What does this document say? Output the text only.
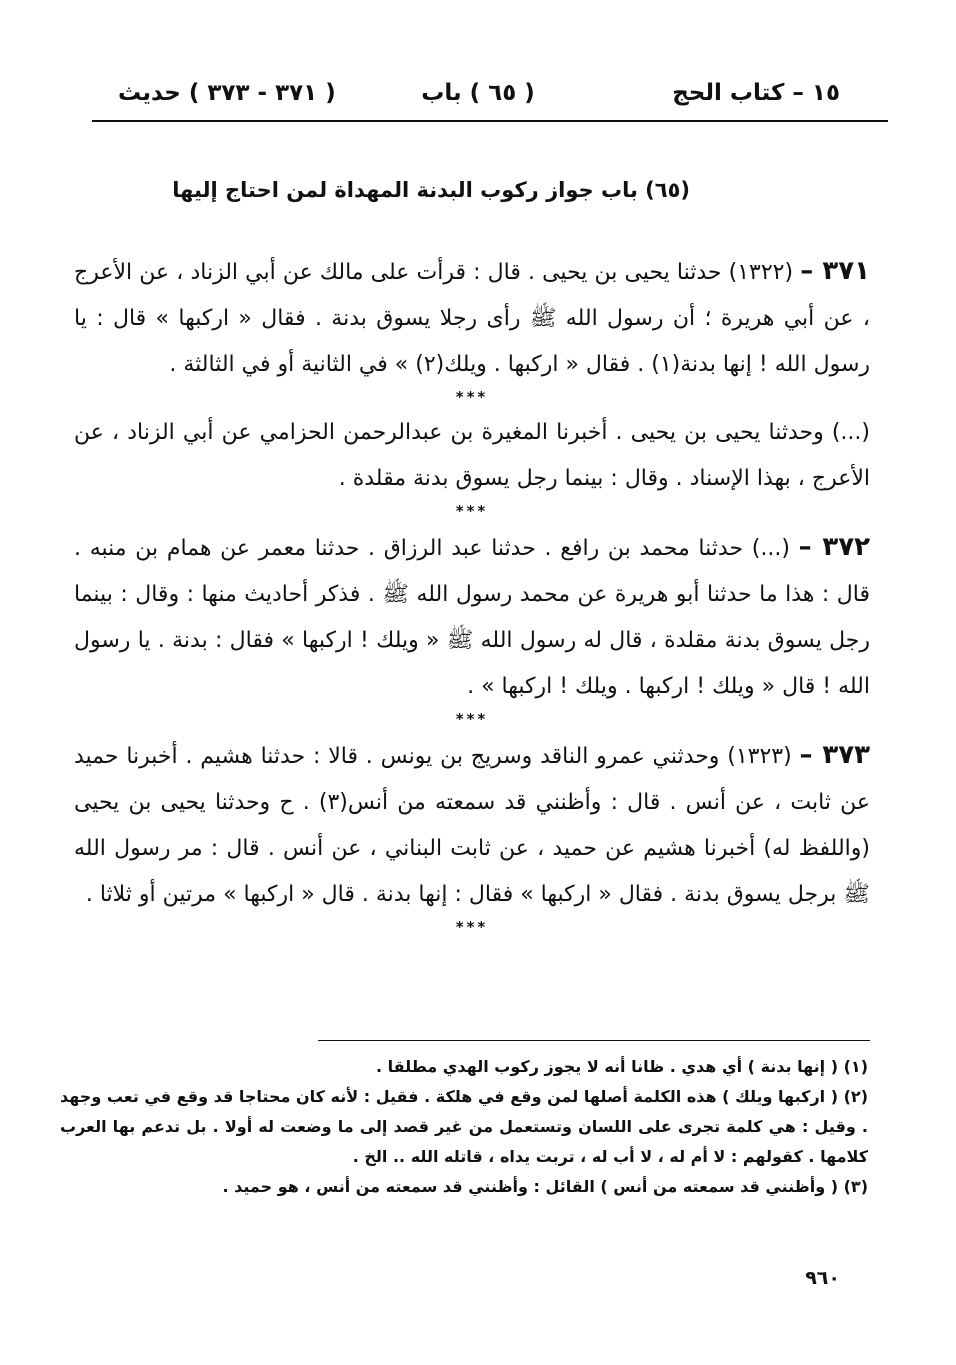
١٥ – كتاب الحج
( ٦٥ ) باب
( ٣٧١ - ٣٧٣ ) حديث
(٦٥) باب جواز ركوب البدنة المهداة لمن احتاج إليها

٣٧١ – (١٣٢٢) حدثنا يحيى بن يحيى . قال : قرأت على مالك عن أبي الزناد ، عن الأعرج ، عن أبي هريرة ؛ أن رسول الله ﷺ رأى رجلا يسوق بدنة . فقال « اركبها » قال : يا رسول الله ! إنها بدنة(١) . فقال « اركبها . ويلك(٢) » في الثانية أو في الثالثة .

***

(...) وحدثنا يحيى بن يحيى . أخبرنا المغيرة بن عبدالرحمن الحزامي عن أبي الزناد ، عن الأعرج ، بهذا الإسناد . وقال : بينما رجل يسوق بدنة مقلدة .

***

٣٧٢ – (...) حدثنا محمد بن رافع . حدثنا عبد الرزاق . حدثنا معمر عن همام بن منبه . قال : هذا ما حدثنا أبو هريرة عن محمد رسول الله ﷺ . فذكر أحاديث منها : وقال : بينما رجل يسوق بدنة مقلدة ، قال له رسول الله ﷺ « ويلك ! اركبها » فقال : بدنة . يا رسول الله ! قال « ويلك ! اركبها . ويلك ! اركبها » .

***

٣٧٣ – (١٣٢٣) وحدثني عمرو الناقد وسريج بن يونس . قالا : حدثنا هشيم . أخبرنا حميد عن ثابت ، عن أنس . قال : وأظنني قد سمعته من أنس(٣) . ح وحدثنا يحيى بن يحيى (واللفظ له) أخبرنا هشيم عن حميد ، عن ثابت البناني ، عن أنس . قال : مر رسول الله ﷺ برجل يسوق بدنة . فقال « اركبها » فقال : إنها بدنة . قال « اركبها » مرتين أو ثلاثا .

***

(١) ( إنها بدنة ) أي هدي . ظانا أنه لا يجوز ركوب الهدي مطلقا .

(٢) ( اركبها ويلك ) هذه الكلمة أصلها لمن وقع في هلكة . فقيل : لأنه كان محتاجا قد وقع في تعب وجهد . وقيل : هي كلمة تجرى على اللسان وتستعمل من غير قصد إلى ما وضعت له أولا . بل تدعم بها العرب كلامها . كقولهم : لا أم له ، لا أب له ، تربت يداه ، قاتله الله .. الخ .

(٣) ( وأظنني قد سمعته من أنس ) القائل : وأظنني قد سمعته من أنس ، هو حميد .

٩٦٠
